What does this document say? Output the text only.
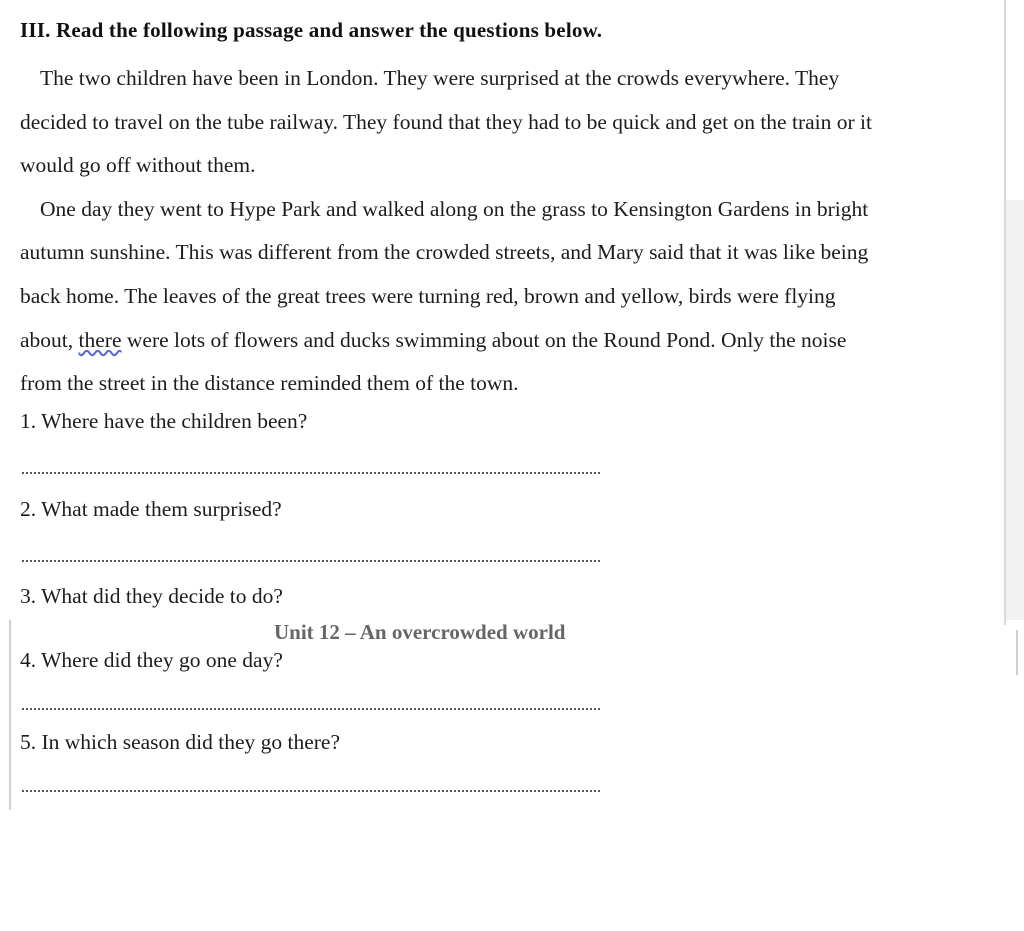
III. Read the following passage and answer the questions below.

The two children have been in London. They were surprised at the crowds everywhere. They
decided to travel on the tube railway. They found that they had to be quick and get on the train or it
would go off without them.

One day they went to Hype Park and walked along on the grass to Kensington Gardens in bright
autumn sunshine. This was different from the crowded streets, and Mary said that it was like being
back home. The leaves of the great trees were turning red, brown and yellow, birds were flying
about, there were lots of flowers and ducks swimming about on the Round Pond. Only the noise
from the street in the distance reminded them of the town.

1. Where have the children been?
2. What made them surprised?
3. What did they decide to do?
Unit 12 – An overcrowded world
4. Where did they go one day?
5. In which season did they go there?
